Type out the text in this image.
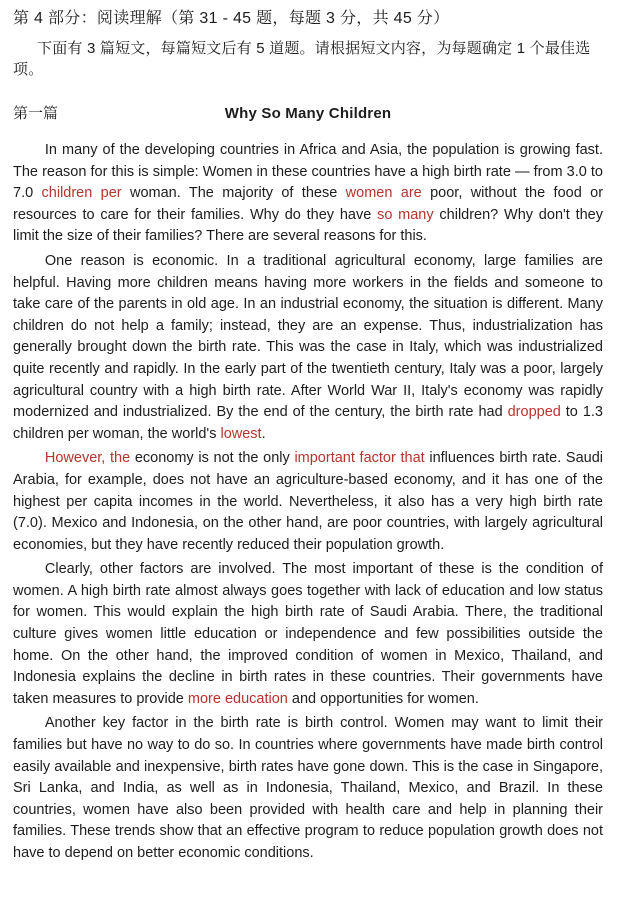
第 4 部分：阅读理解（第 31 - 45 题，每题 3 分，共 45 分）
下面有 3 篇短文，每篇短文后有 5 道题。请根据短文内容，为每题确定 1 个最佳选项。
第一篇	Why So Many Children

In many of the developing countries in Africa and Asia, the population is growing fast. The reason for this is simple: Women in these countries have a high birth rate — from 3.0 to 7.0 children per woman. The majority of these women are poor, without the food or resources to care for their families. Why do they have so many children? Why don't they limit the size of their families? There are several reasons for this.

One reason is economic. In a traditional agricultural economy, large families are helpful. Having more children means having more workers in the fields and someone to take care of the parents in old age. In an industrial economy, the situation is different. Many children do not help a family; instead, they are an expense. Thus, industrialization has generally brought down the birth rate. This was the case in Italy, which was industrialized quite recently and rapidly. In the early part of the twentieth century, Italy was a poor, largely agricultural country with a high birth rate. After World War II, Italy's economy was rapidly modernized and industrialized. By the end of the century, the birth rate had dropped to 1.3 children per woman, the world's lowest.

However, the economy is not the only important factor that influences birth rate. Saudi Arabia, for example, does not have an agriculture-based economy, and it has one of the highest per capita incomes in the world. Nevertheless, it also has a very high birth rate (7.0). Mexico and Indonesia, on the other hand, are poor countries, with largely agricultural economies, but they have recently reduced their population growth.

Clearly, other factors are involved. The most important of these is the condition of women. A high birth rate almost always goes together with lack of education and low status for women. This would explain the high birth rate of Saudi Arabia. There, the traditional culture gives women little education or independence and few possibilities outside the home. On the other hand, the improved condition of women in Mexico, Thailand, and Indonesia explains the decline in birth rates in these countries. Their governments have taken measures to provide more education and opportunities for women.

Another key factor in the birth rate is birth control. Women may want to limit their families but have no way to do so. In countries where governments have made birth control easily available and inexpensive, birth rates have gone down. This is the case in Singapore, Sri Lanka, and India, as well as in Indonesia, Thailand, Mexico, and Brazil. In these countries, women have also been provided with health care and help in planning their families. These trends show that an effective program to reduce population growth does not have to depend on better economic conditions.
